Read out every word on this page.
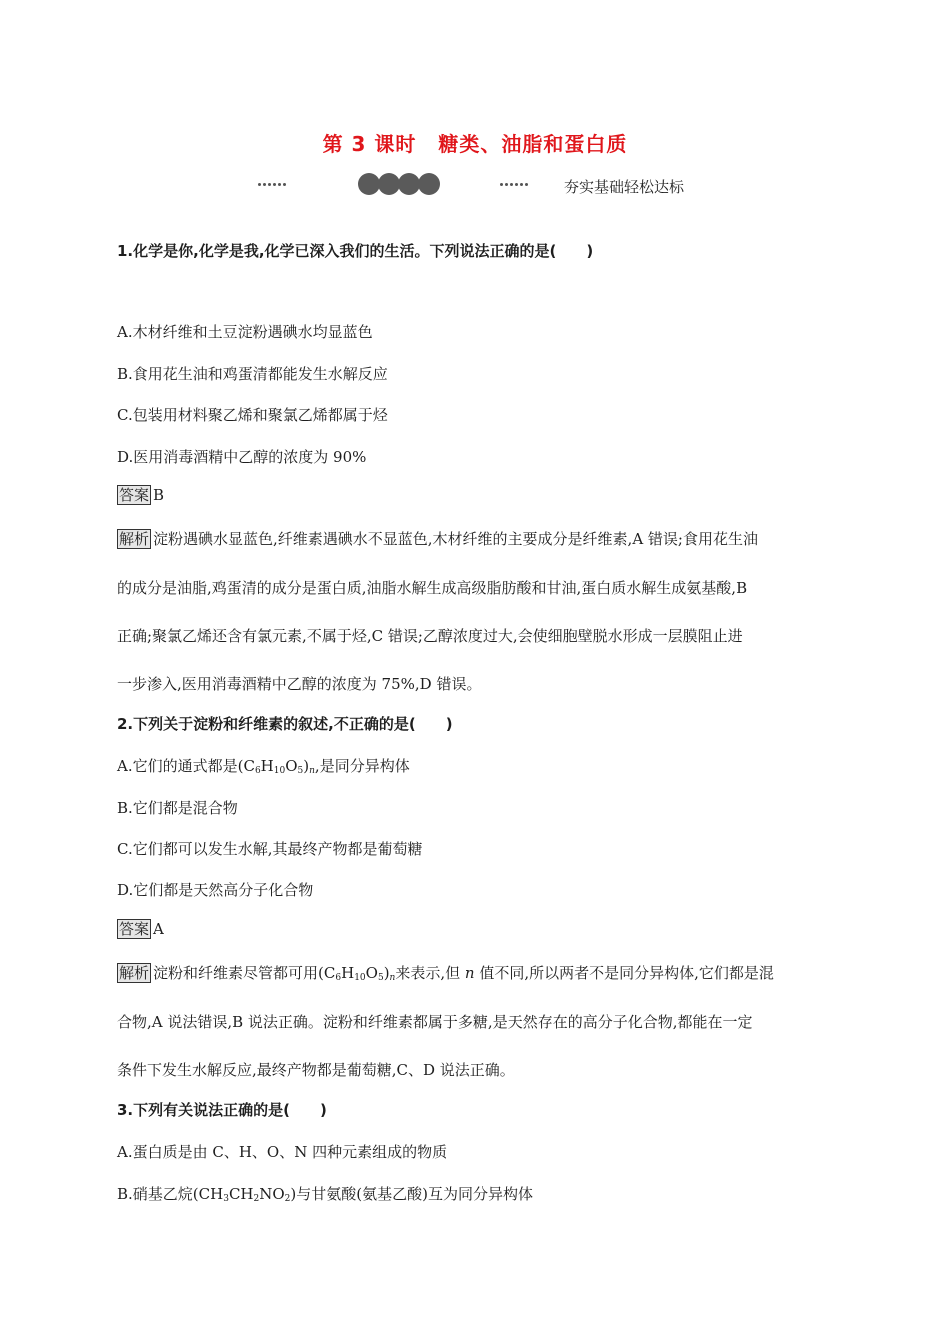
第 3 课时 糖类、油脂和蛋白质
夯实基础轻松达标
1.化学是你,化学是我,化学已深入我们的生活。下列说法正确的是(　　)
A.木材纤维和土豆淀粉遇碘水均显蓝色
B.食用花生油和鸡蛋清都能发生水解反应
C.包装用材料聚乙烯和聚氯乙烯都属于烃
D.医用消毒酒精中乙醇的浓度为 90%
答案 B
解析 淀粉遇碘水显蓝色,纤维素遇碘水不显蓝色,木材纤维的主要成分是纤维素,A 错误;食用花生油
的成分是油脂,鸡蛋清的成分是蛋白质,油脂水解生成高级脂肪酸和甘油,蛋白质水解生成氨基酸,B
正确;聚氯乙烯还含有氯元素,不属于烃,C 错误;乙醇浓度过大,会使细胞壁脱水形成一层膜阻止进
一步渗入,医用消毒酒精中乙醇的浓度为 75%,D 错误。
2.下列关于淀粉和纤维素的叙述,不正确的是(　　)
A.它们的通式都是$(C_6H_{10}O_5)_n$,是同分异构体
B.它们都是混合物
C.它们都可以发生水解,其最终产物都是葡萄糖
D.它们都是天然高分子化合物
答案 A
解析 淀粉和纤维素尽管都可用$(C_6H_{10}O_5)_n$来表示,但 n 值不同,所以两者不是同分异构体,它们都是混
合物,A 说法错误,B 说法正确。淀粉和纤维素都属于多糖,是天然存在的高分子化合物,都能在一定
条件下发生水解反应,最终产物都是葡萄糖,C、D 说法正确。
3.下列有关说法正确的是(　　)
A.蛋白质是由 C、H、O、N 四种元素组成的物质
B.硝基乙烷$(CH_3CH_2NO_2)$与甘氨酸(氨基乙酸)互为同分异构体
